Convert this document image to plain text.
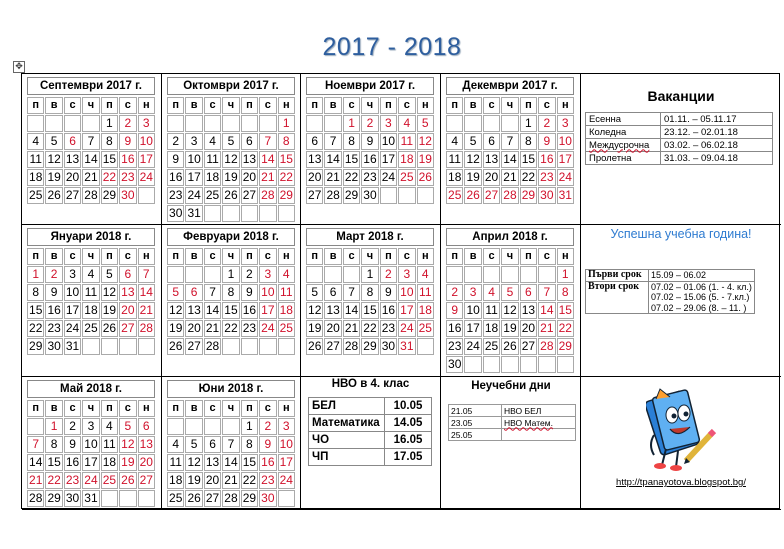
2017 - 2018
✥
Септември 2017 г.
п	в	с	ч	п	с	н
				1	2	3
4	5	6	7	8	9	10
11	12	13	14	15	16	17
18	19	20	21	22	23	24
25	26	27	28	29	30	
Октомври 2017 г.
п	в	с	ч	п	с	н
						1
2	3	4	5	6	7	8
9	10	11	12	13	14	15
16	17	18	19	20	21	22
23	24	25	26	27	28	29
30	31					
Ноември 2017 г.
п	в	с	ч	п	с	н
		1	2	3	4	5
6	7	8	9	10	11	12
13	14	15	16	17	18	19
20	21	22	23	24	25	26
27	28	29	30			
Декември 2017 г.
п	в	с	ч	п	с	н
				1	2	3
4	5	6	7	8	9	10
11	12	13	14	15	16	17
18	19	20	21	22	23	24
25	26	27	28	29	30	31
Ваканции
Есенна	01.11. – 05.11.17
Коледна	23.12. – 02.01.18
Междусрочна	03.02. – 06.02.18
Пролетна	31.03. – 09.04.18
Януари 2018 г.
п	в	с	ч	п	с	н
1	2	3	4	5	6	7
8	9	10	11	12	13	14
15	16	17	18	19	20	21
22	23	24	25	26	27	28
29	30	31				
Февруари 2018 г.
п	в	с	ч	п	с	н
			1	2	3	4
5	6	7	8	9	10	11
12	13	14	15	16	17	18
19	20	21	22	23	24	25
26	27	28				
Март 2018 г.
п	в	с	ч	п	с	н
			1	2	3	4
5	6	7	8	9	10	11
12	13	14	15	16	17	18
19	20	21	22	23	24	25
26	27	28	29	30	31	
Април 2018 г.
п	в	с	ч	п	с	н
						1
2	3	4	5	6	7	8
9	10	11	12	13	14	15
16	17	18	19	20	21	22
23	24	25	26	27	28	29
30						
Успешна учебна година!
Първи срок	15.09 – 06.02
Втори срок	07.02 – 01.06 (1. - 4. кл.)
07.02 – 15.06 (5. - 7.кл.)
07.02 – 29.06 (8. – 11. )
Май 2018 г.
п	в	с	ч	п	с	н
	1	2	3	4	5	6
7	8	9	10	11	12	13
14	15	16	17	18	19	20
21	22	23	24	25	26	27
28	29	30	31			
Юни 2018 г.
п	в	с	ч	п	с	н
				1	2	3
4	5	6	7	8	9	10
11	12	13	14	15	16	17
18	19	20	21	22	23	24
25	26	27	28	29	30	
НВО в 4. клас
БЕЛ	10.05
Математика	14.05
ЧО	16.05
ЧП	17.05
Неучебни дни
21.05	НВО БЕЛ
23.05	НВО Матем.
25.05	
http://tpanayotova.blogspot.bg/
